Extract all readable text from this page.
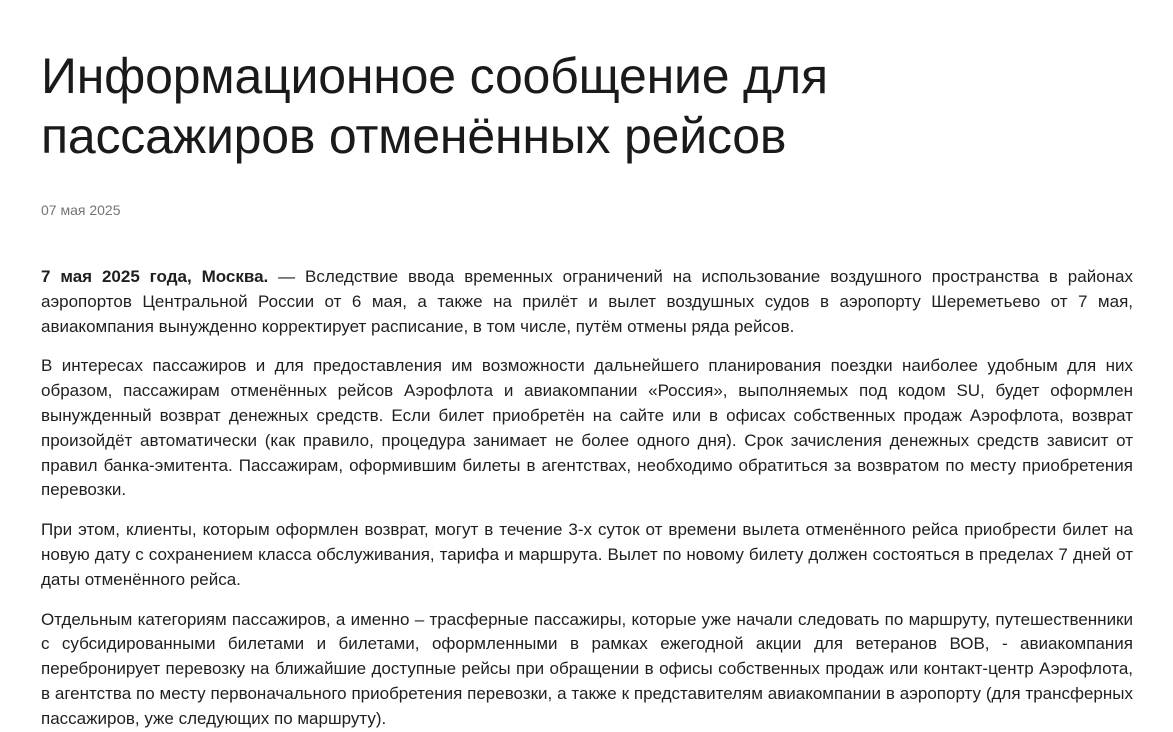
Информационное сообщение для
пассажиров отменённых рейсов
07 мая 2025

7 мая 2025 года, Москва. — Вследствие ввода временных ограничений на использование воздушного пространства в районах аэропортов Центральной России от 6 мая, а также на прилёт и вылет воздушных судов в аэропорту Шереметьево от 7 мая, авиакомпания вынужденно корректирует расписание, в том числе, путём отмены ряда рейсов.

В интересах пассажиров и для предоставления им возможности дальнейшего планирования поездки наиболее удобным для них образом, пассажирам отменённых рейсов Аэрофлота и авиакомпании «Россия», выполняемых под кодом SU, будет оформлен вынужденный возврат денежных средств. Если билет приобретён на сайте или в офисах собственных продаж Аэрофлота, возврат произойдёт автоматически (как правило, процедура занимает не более одного дня). Срок зачисления денежных средств зависит от правил банка-эмитента. Пассажирам, оформившим билеты в агентствах, необходимо обратиться за возвратом по месту приобретения перевозки.

При этом, клиенты, которым оформлен возврат, могут в течение 3-х суток от времени вылета отменённого рейса приобрести билет на новую дату с сохранением класса обслуживания, тарифа и маршрута. Вылет по новому билету должен состояться в пределах 7 дней от даты отменённого рейса.

Отдельным категориям пассажиров, а именно – трасферные пассажиры, которые уже начали следовать по маршруту, путешественники с субсидированными билетами и билетами, оформленными в рамках ежегодной акции для ветеранов ВОВ, - авиакомпания перебронирует перевозку на ближайшие доступные рейсы при обращении в офисы собственных продаж или контакт-центр Аэрофлота, в агентства по месту первоначального приобретения перевозки, а также к представителям авиакомпании в аэропорту (для трансферных пассажиров, уже следующих по маршруту).
